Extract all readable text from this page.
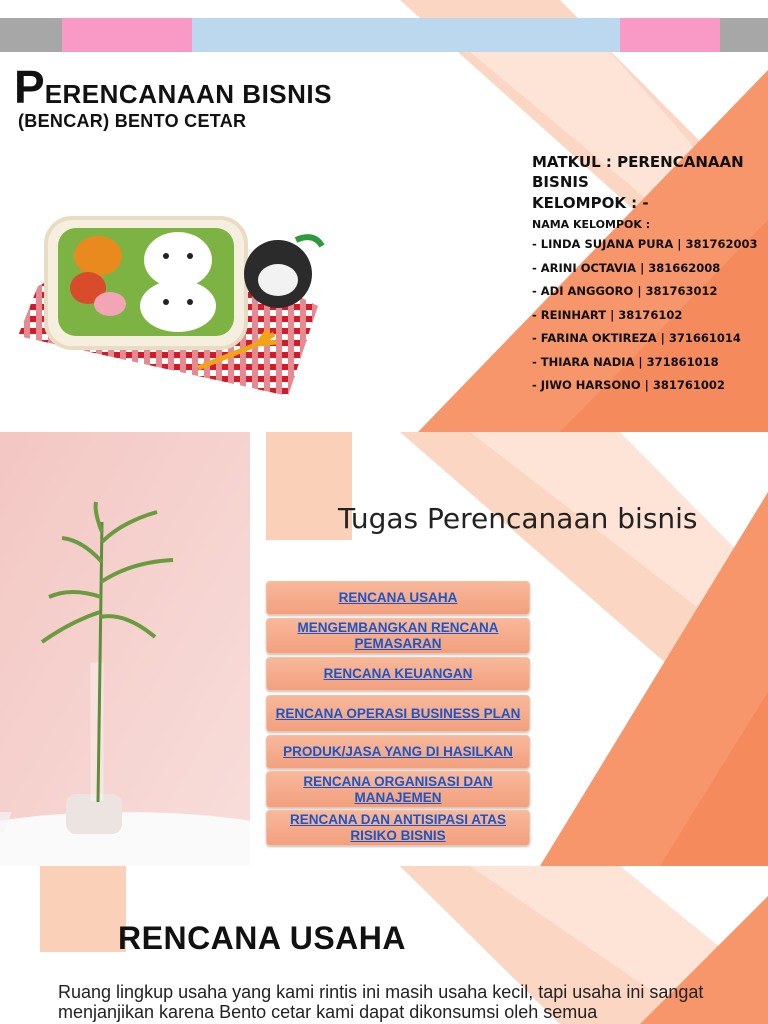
PERENCANAAN BISNIS
(BENCAR) BENTO CETAR
MATKUL : PERENCANAAN BISNIS
KELOMPOK : -
NAMA KELOMPOK :
- LINDA SUJANA PURA | 381762003
- ARINI OCTAVIA | 381662008
- ADI ANGGORO | 381763012
- REINHART | 38176102
- FARINA OKTIREZA | 371661014
- THIARA NADIA | 371861018
- JIWO HARSONO | 381761002
Tugas Perencanaan bisnis
RENCANA USAHA
MENGEMBANGKAN RENCANA PEMASARAN
RENCANA KEUANGAN
RENCANA OPERASI BUSINESS PLAN
PRODUK/JASA YANG DI HASILKAN
RENCANA ORGANISASI DAN MANAJEMEN
RENCANA DAN ANTISIPASI ATAS RISIKO BISNIS
RENCANA USAHA
Ruang lingkup usaha yang kami rintis ini masih usaha kecil, tapi usaha ini sangat menjanjikan karena Bento cetar kami dapat dikonsumsi oleh semua
